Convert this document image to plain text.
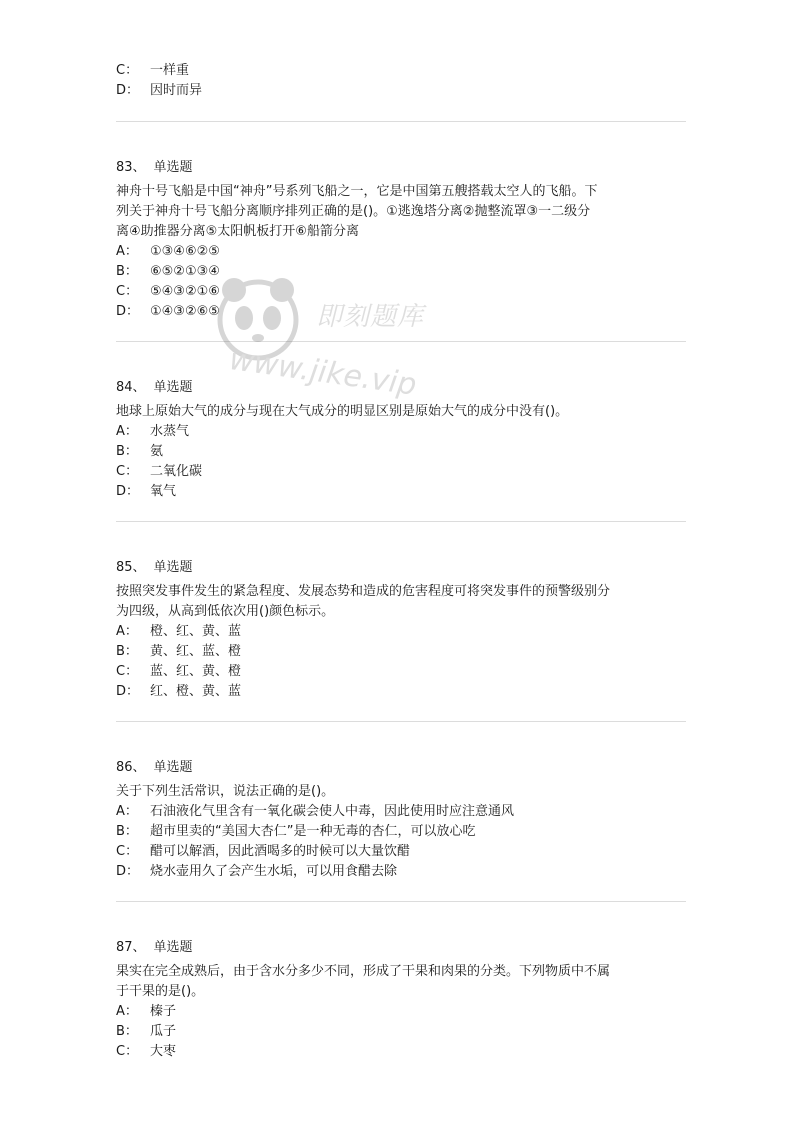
C： 一样重
D： 因时而异
83、 单选题
神舟十号飞船是中国“神舟”号系列飞船之一，它是中国第五艘搭载太空人的飞船。下
列关于神舟十号飞船分离顺序排列正确的是()。①逃逸塔分离②抛整流罩③一二级分
离④助推器分离⑤太阳帆板打开⑥船箭分离
A： ①③④⑥②⑤
B： ⑥⑤②①③④
C： ⑤④③②①⑥
D： ①④③②⑥⑤
84、 单选题
地球上原始大气的成分与现在大气成分的明显区别是原始大气的成分中没有()。
A： 水蒸气
B： 氨
C： 二氧化碳
D： 氧气
85、 单选题
按照突发事件发生的紧急程度、发展态势和造成的危害程度可将突发事件的预警级别分
为四级，从高到低依次用()颜色标示。
A： 橙、红、黄、蓝
B： 黄、红、蓝、橙
C： 蓝、红、黄、橙
D： 红、橙、黄、蓝
86、 单选题
关于下列生活常识，说法正确的是()。
A： 石油液化气里含有一氧化碳会使人中毒，因此使用时应注意通风
B： 超市里卖的“美国大杏仁”是一种无毒的杏仁，可以放心吃
C： 醋可以解酒，因此酒喝多的时候可以大量饮醋
D： 烧水壶用久了会产生水垢，可以用食醋去除
87、 单选题
果实在完全成熟后，由于含水分多少不同，形成了干果和肉果的分类。下列物质中不属
于干果的是()。
A： 榛子
B： 瓜子
C： 大枣
即刻题库
www.jike.vip
